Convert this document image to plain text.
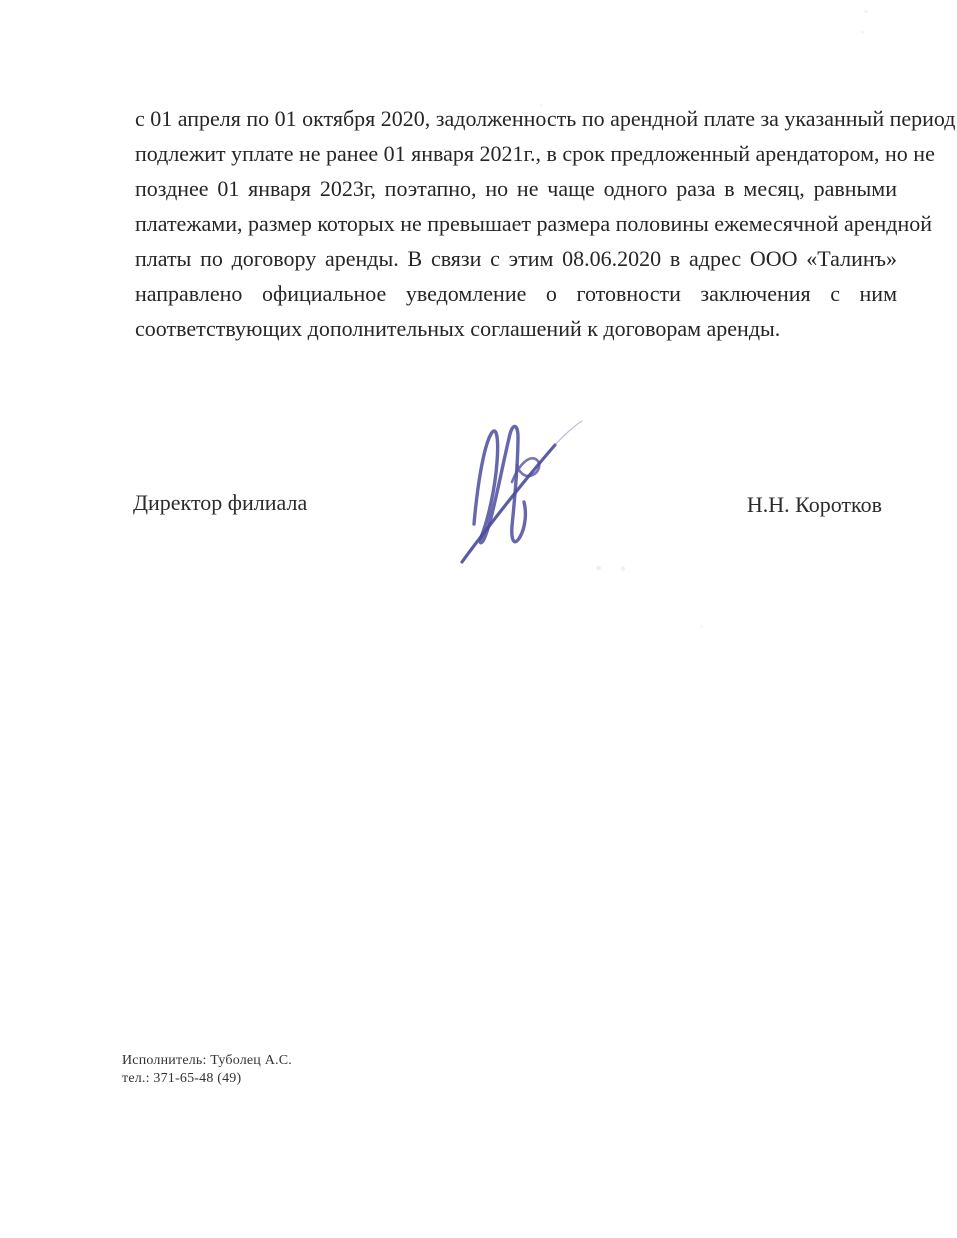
с 01 апреля по 01 октября 2020, задолженность по арендной плате за указанный период
подлежит уплате не ранее 01 января 2021г., в срок предложенный арендатором, но не
позднее 01 января 2023г, поэтапно, но не чаще одного раза в месяц, равными
платежами, размер которых не превышает размера половины ежемесячной арендной
платы по договору аренды. В связи с этим 08.06.2020 в адрес ООО «Талинъ»
направлено официальное уведомление о готовности заключения с ним
соответствующих дополнительных соглашений к договорам аренды.
Директор филиала	Н.Н. Коротков
Исполнитель: Туболец А.С.
тел.: 371-65-48 (49)
